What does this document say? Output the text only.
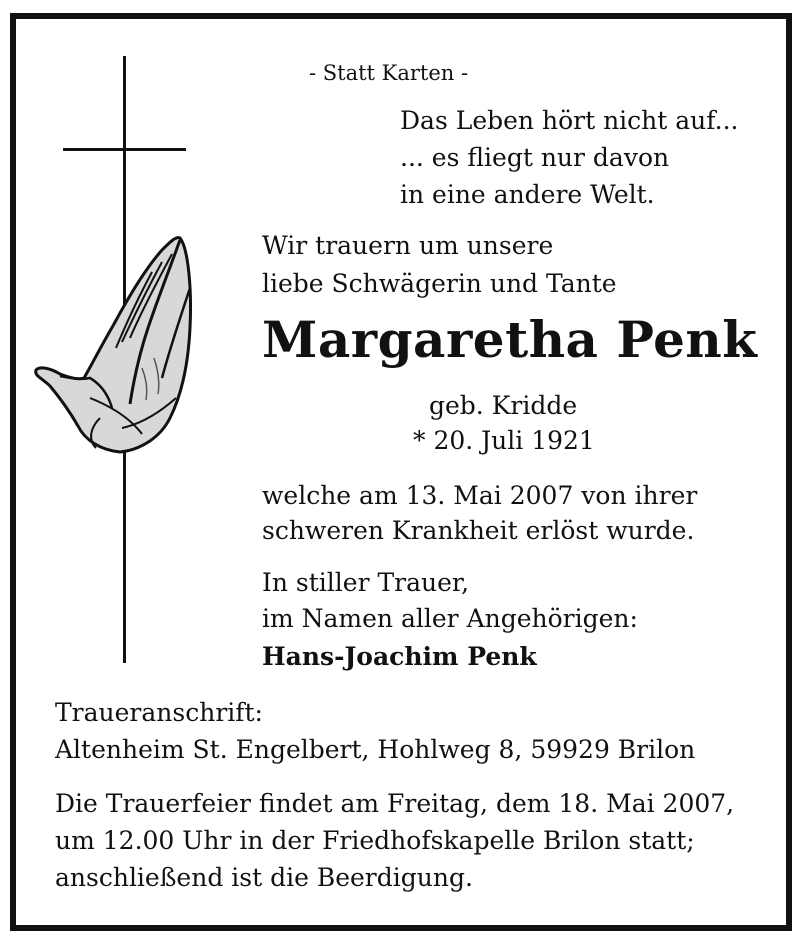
- Statt Karten -
Das Leben hört nicht auf...
... es fliegt nur davon
in eine andere Welt.
Wir trauern um unsere
liebe Schwägerin und Tante
Margaretha Penk
geb. Kridde
* 20. Juli 1921
welche am 13. Mai 2007 von ihrer
schweren Krankheit erlöst wurde.
In stiller Trauer,
im Namen aller Angehörigen:
Hans-Joachim Penk
Traueranschrift:
Altenheim St. Engelbert, Hohlweg 8, 59929 Brilon
Die Trauerfeier findet am Freitag, dem 18. Mai 2007,
um 12.00 Uhr in der Friedhofskapelle Brilon statt;
anschließend ist die Beerdigung.
